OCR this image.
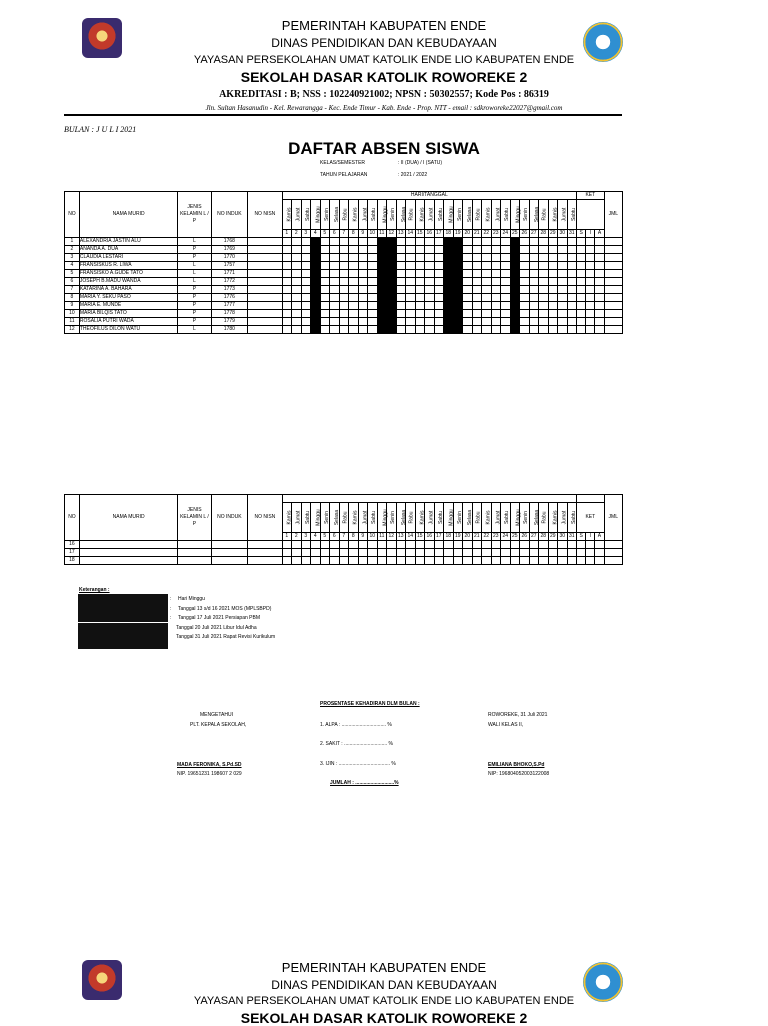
PEMERINTAH KABUPATEN ENDE
DINAS PENDIDIKAN DAN KEBUDAYAAN
YAYASAN PERSEKOLAHAN UMAT KATOLIK ENDE LIO KABUPATEN ENDE
SEKOLAH DASAR KATOLIK ROWOREKE 2
AKREDITASI : B; NSS : 102240921002; NPSN : 50302557; Kode Pos : 86319
Jln. Sultan Hasanudin - Kel. Rewarangga - Kec. Ende Timur - Kab. Ende - Prop. NTT - email : sdkroworeke22027@gmail.com
BULAN : J U L I 2021
DAFTAR ABSEN SISWA
KELAS/SEMESTER	: II (DUA) / I (SATU)
TAHUN PELAJARAN	: 2021 / 2022
NO	NAMA MURID	JENIS KELAMIN L / P	NO INDUK	NO NISN	HARI/TANGGAL																															KET			JML
					Kamis	Jumat	Sabtu	Minggu	Senin	Selasa	Rabu	Kamis	Jumat	Sabtu	Minggu	Senin	Selasa	Rabu	Kamis	Jumat	Sabtu	Minggu	Senin	Selasa	Rabu	Kamis	Jumat	Sabtu	Minggu	Senin	Selasa	Rabu	Kamis	Jumat	Sabtu				
					1	2	3	4	5	6	7	8	9	10	11	12	13	14	15	16	17	18	19	20	21	22	23	24	25	26	27	28	29	30	31	S	I	A	
1	ALEXANDRIA JASTIN ALU	L	1768																																				
2	ANANDA A. DUA	P	1769																																				
3	CLAUDIA LESTARI	P	1770																																				
4	FRANSISKUS R. LIWA	L	1757																																				
5	FRANSISKO A.GUDE TATO	L	1771																																				
6	JOSEPH B.MADU WANDA	L	1772																																				
7	KATARINA A. BAHARA	P	1773																																				
8	MARIA Y. SEKU PASO	P	1776																																				
9	MARIA E. MUNDE	P	1777																																				
10	MARIA BILQIS TATO	P	1778																																				
11	ROSALIA PUTRI WADA	P	1779																																				
12	THEOFILUS DILON WATU	L	1780																																				
NO	NAMA MURID	JENIS KELAMIN L / P	NO INDUK	NO NISN																																			JML
					Kamis	Jumat	Sabtu	Minggu	Senin	Selasa	Rabu	Kamis	Jumat	Sabtu	Minggu	Senin	Selasa	Rabu	Kamis	Jumat	Sabtu	Minggu	Senin	Selasa	Rabu	Kamis	Jumat	Sabtu	Minggu	Senin	Selasa	Rabu	Kamis	Jumat	Sabtu	KET			
					1	2	3	4	5	6	7	8	9	10	11	12	13	14	15	16	17	18	19	20	21	22	23	24	25	26	27	28	29	30	31	S	I	A	
16																																							
17																																							
18																																							
Keterangan :
: Hari Minggu
: Tanggal 13 s/d 16 2021 MOS (MPLSBPD)
: Tanggal 17 Juli 2021 Persiapan PBM
Tanggal 20 Juli 2021 Libur Idul Adha
Tanggal 31 Juli 2021 Rapat Revisi Kurikulum
PROSENTASE KEHADIRAN DLM BULAN :
1. ALPA : ................................ %
2. SAKIT : ............................... %
3. IJIN : ..................................... %
JUMLAH : ............................%
MENGETAHUI
PLT. KEPALA SEKOLAH,
MADA FERONIKA, S.Pd.SD
NIP. 19651231 198607 2 029
ROWOREKE, 31 Juli 2021
WALI KELAS II,
EMILIANA BHOKO,S.Pd
NIP: 196804052003122008
PEMERINTAH KABUPATEN ENDE
DINAS PENDIDIKAN DAN KEBUDAYAAN
YAYASAN PERSEKOLAHAN UMAT KATOLIK ENDE LIO KABUPATEN ENDE
SEKOLAH DASAR KATOLIK ROWOREKE 2
